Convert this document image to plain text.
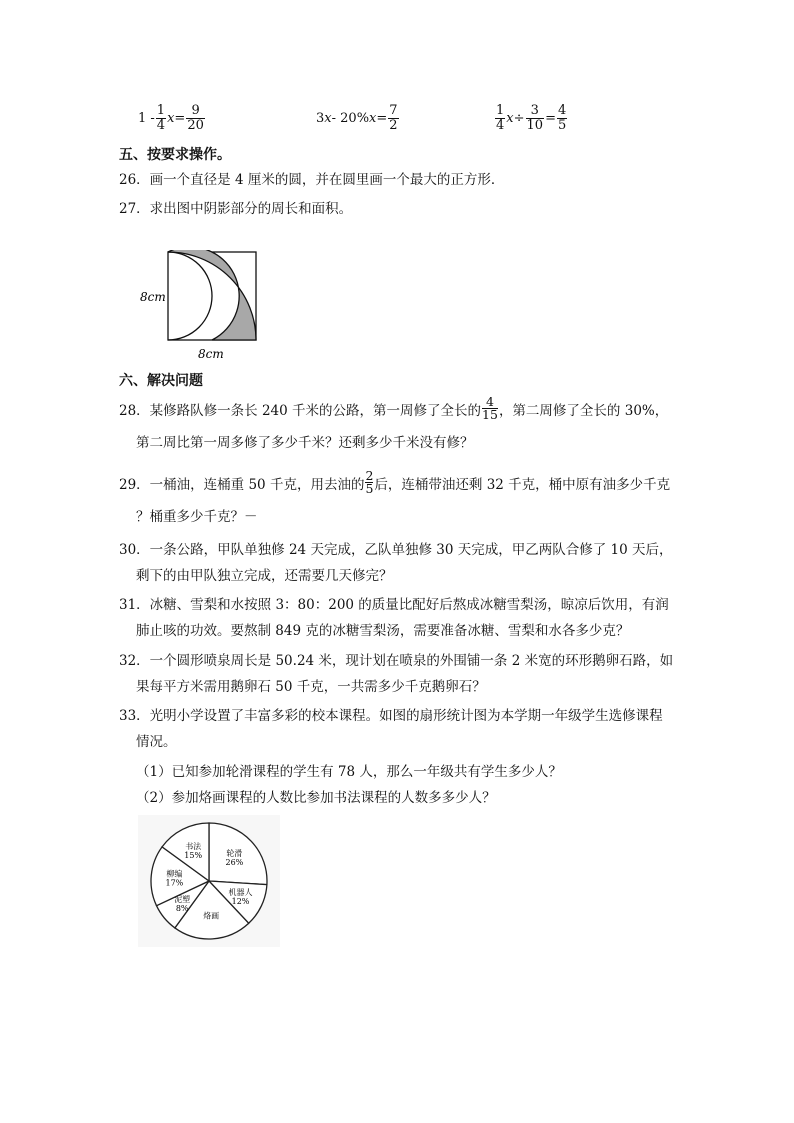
$1 - \frac{1}{4}$ $x = \frac{9}{20}$	3 x - 20% $x = \frac{7}{2}$	$\frac{1}{4}$ $x \div \frac{3}{10} = \frac{4}{5}$
五、按要求操作。
26．画一个直径是 4 厘米的圆，并在圆里画一个最大的正方形．
27．求出图中阴影部分的周长和面积。
8cm
8cm
六、解决问题
28．某修路队修一条长 240 千米的公路，第一周修了全长的 $\frac{4}{15}$ ，第二周修了全长的 30%，
第二周比第一周多修了多少千米？还剩多少千米没有修？
29．一桶油，连桶重 50 千克，用去油的 $\frac{2}{5}$ 后，连桶带油还剩 32 千克，桶中原有油多少千克
？桶重多少千克？－
30．一条公路，甲队单独修 24 天完成，乙队单独修 30 天完成，甲乙两队合修了 10 天后，
剩下的由甲队独立完成，还需要几天修完？
31．冰糖、雪梨和水按照 3：80：200 的质量比配好后熬成冰糖雪梨汤，晾凉后饮用，有润
肺止咳的功效。要熬制 849 克的冰糖雪梨汤，需要准备冰糖、雪梨和水各多少克？
32．一个圆形喷泉周长是 50.24 米，现计划在喷泉的外围铺一条 2 米宽的环形鹅卵石路，如
果每平方米需用鹅卵石 50 千克，一共需多少千克鹅卵石？
33．光明小学设置了丰富多彩的校本课程。如图的扇形统计图为本学期一年级学生选修课程
情况。
（1）已知参加轮滑课程的学生有 78 人，那么一年级共有学生多少人？
（2）参加烙画课程的人数比参加书法课程的人数多多少人？
轮滑
26%
机器人
12%
烙画
泥塑
8%
柳编
17%
书法
15%
